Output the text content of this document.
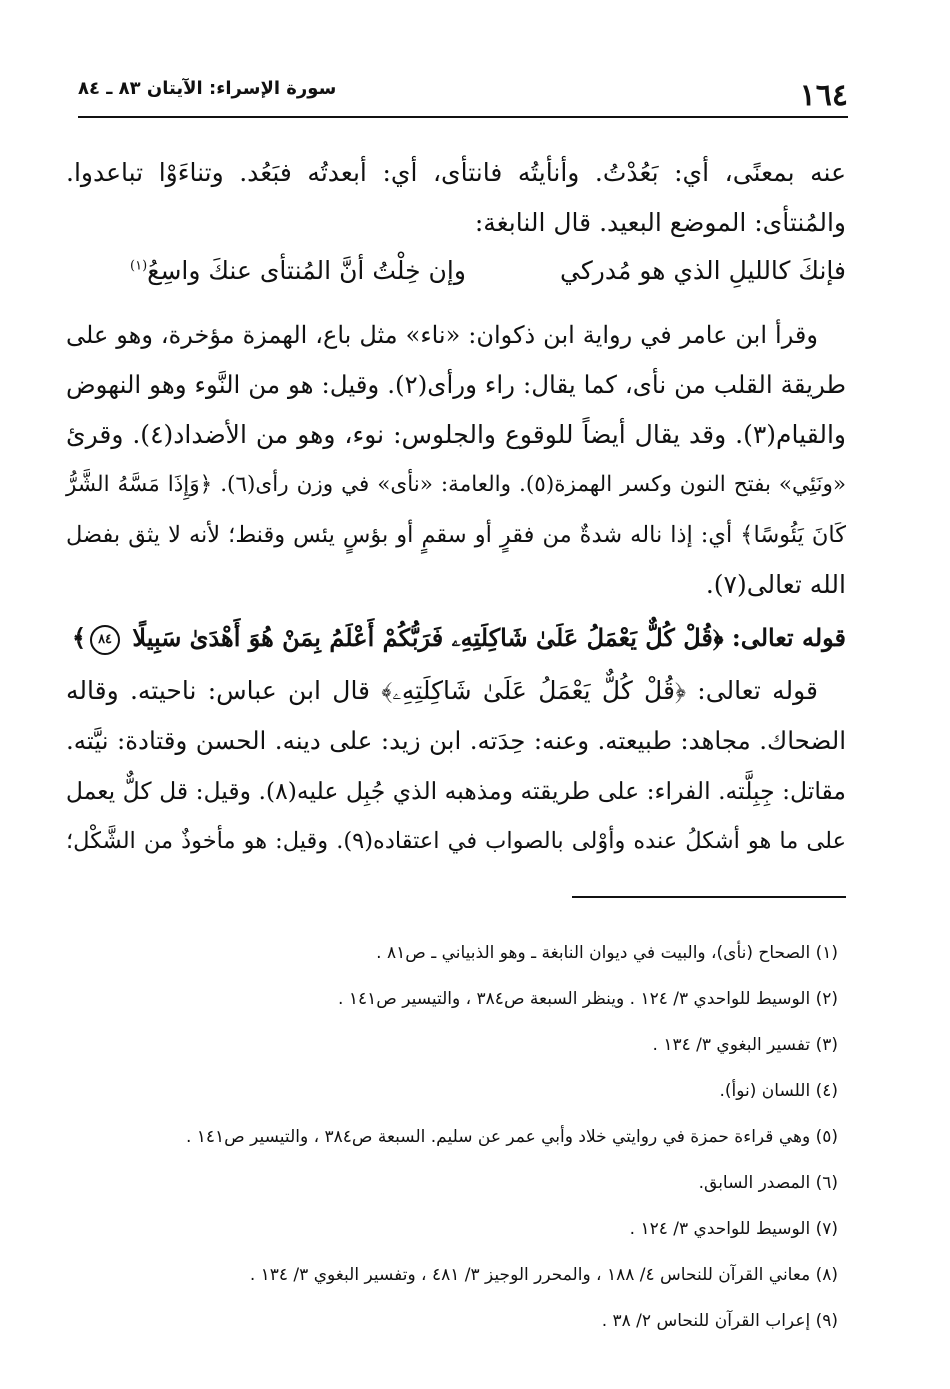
١٦٤
سورة الإسراء: الآيتان ٨٣ ـ ٨٤
عنه بمعنًى، أي: بَعُدْتُ. وأنأيتُه فانتأى، أي: أبعدتُه فبَعُد. وتناءَوْا تباعدوا.
والمُنتأى: الموضع البعيد. قال النابغة:
فإنكَ كالليلِ الذي هو مُدركي
وإن خِلْتُ أنَّ المُنتأى عنكَ واسِعُ$^{(١)}$
وقرأ ابن عامر في رواية ابن ذكوان: «ناء» مثل باع، الهمزة مؤخرة، وهو على
طريقة القلب من نأى، كما يقال: راء ورأى(٢). وقيل: هو من النَّوء وهو النهوض
والقيام(٣). وقد يقال أيضاً للوقوع والجلوس: نوء، وهو من الأضداد(٤). وقرئ
«ونَئِي» بفتح النون وكسر الهمزة(٥). والعامة: «نأى» في وزن رأى(٦). ﴿وَإِذَا مَسَّهُ الشَّرُّ
كَانَ يَئُوسًا﴾ أي: إذا ناله شدةٌ من فقرٍ أو سقمٍ أو بؤسٍ يئس وقنط؛ لأنه لا يثق بفضل
الله تعالى(٧).
قوله تعالى: ﴿قُلْ كُلٌّ يَعْمَلُ عَلَىٰ شَاكِلَتِهِۦ فَرَبُّكُمْ أَعْلَمُ بِمَنْ هُوَ أَهْدَىٰ سَبِيلًا ٨٤﴾
قوله تعالى: ﴿قُلْ كُلٌّ يَعْمَلُ عَلَىٰ شَاكِلَتِهِۦ﴾ قال ابن عباس: ناحيته. وقاله
الضحاك. مجاهد: طبيعته. وعنه: حِدَته. ابن زيد: على دينه. الحسن وقتادة: نيَّته.
مقاتل: جِبِلَّته. الفراء: على طريقته ومذهبه الذي جُبِل عليه(٨). وقيل: قل كلٌّ يعمل
على ما هو أشكلُ عنده وأوْلى بالصواب في اعتقاده(٩). وقيل: هو مأخوذٌ من الشَّكْل؛
(١) الصحاح (نأى)، والبيت في ديوان النابغة ـ وهو الذبياني ـ ص٨١ .
(٢) الوسيط للواحدي ٣/ ١٢٤ . وينظر السبعة ص٣٨٤ ، والتيسير ص١٤١ .
(٣) تفسير البغوي ٣/ ١٣٤ .
(٤) اللسان (نوأ).
(٥) وهي قراءة حمزة في روايتي خلاد وأبي عمر عن سليم. السبعة ص٣٨٤ ، والتيسير ص١٤١ .
(٦) المصدر السابق.
(٧) الوسيط للواحدي ٣/ ١٢٤ .
(٨) معاني القرآن للنحاس ٤/ ١٨٨ ، والمحرر الوجيز ٣/ ٤٨١ ، وتفسير البغوي ٣/ ١٣٤ .
(٩) إعراب القرآن للنحاس ٢/ ٣٨ .
